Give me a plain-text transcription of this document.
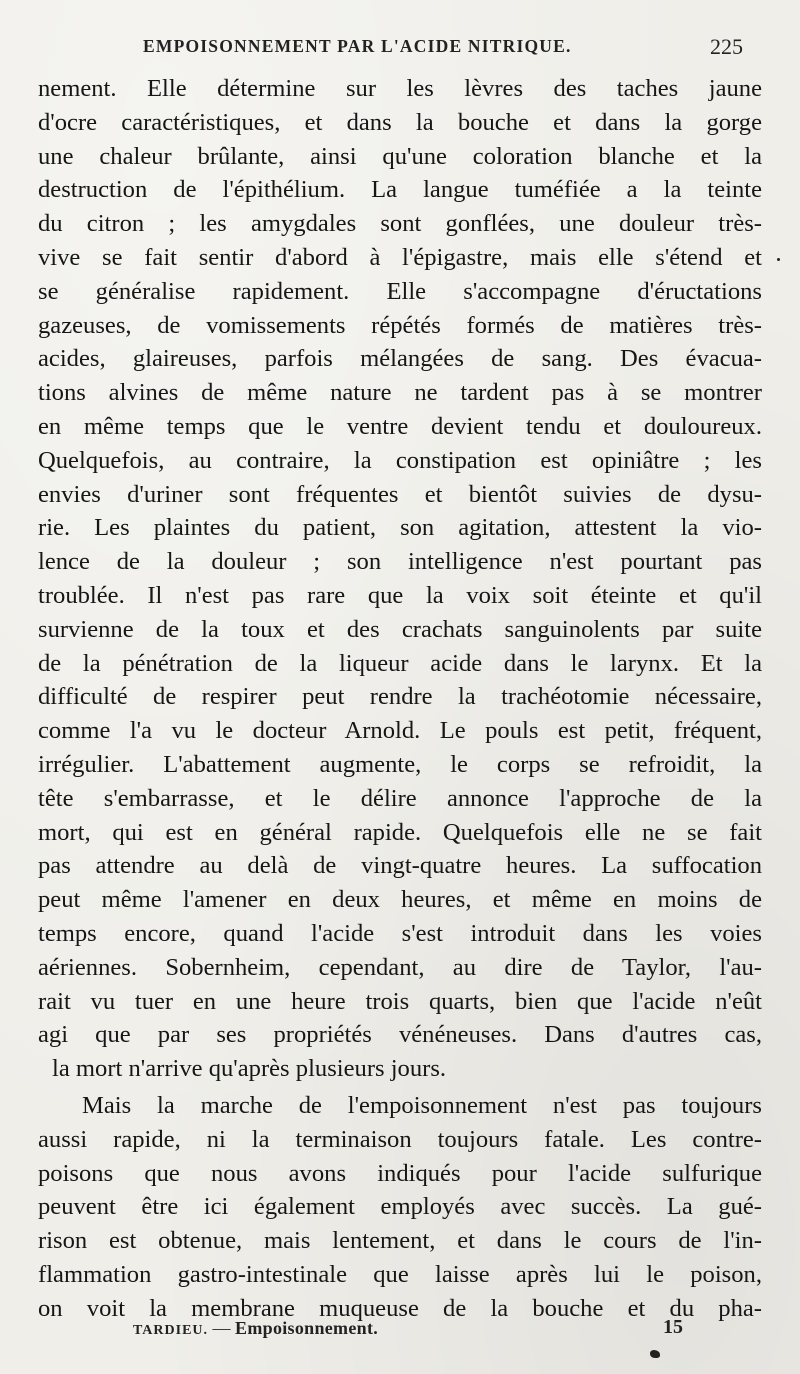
EMPOISONNEMENT PAR L'ACIDE NITRIQUE.	225
nement. Elle détermine sur les lèvres des taches jaune
d'ocre caractéristiques, et dans la bouche et dans la gorge
une chaleur brûlante, ainsi qu'une coloration blanche et la
destruction de l'épithélium. La langue tuméfiée a la teinte
du citron ; les amygdales sont gonflées, une douleur très-
vive se fait sentir d'abord à l'épigastre, mais elle s'étend et
se généralise rapidement. Elle s'accompagne d'éructations
gazeuses, de vomissements répétés formés de matières très-
acides, glaireuses, parfois mélangées de sang. Des évacua-
tions alvines de même nature ne tardent pas à se montrer
en même temps que le ventre devient tendu et douloureux.
Quelquefois, au contraire, la constipation est opiniâtre ; les
envies d'uriner sont fréquentes et bientôt suivies de dysu-
rie. Les plaintes du patient, son agitation, attestent la vio-
lence de la douleur ; son intelligence n'est pourtant pas
troublée. Il n'est pas rare que la voix soit éteinte et qu'il
survienne de la toux et des crachats sanguinolents par suite
de la pénétration de la liqueur acide dans le larynx. Et la
difficulté de respirer peut rendre la trachéotomie nécessaire,
comme l'a vu le docteur Arnold. Le pouls est petit, fréquent,
irrégulier. L'abattement augmente, le corps se refroidit, la
tête s'embarrasse, et le délire annonce l'approche de la
mort, qui est en général rapide. Quelquefois elle ne se fait
pas attendre au delà de vingt-quatre heures. La suffocation
peut même l'amener en deux heures, et même en moins de
temps encore, quand l'acide s'est introduit dans les voies
aériennes. Sobernheim, cependant, au dire de Taylor, l'au-
rait vu tuer en une heure trois quarts, bien que l'acide n'eût
agi que par ses propriétés vénéneuses. Dans d'autres cas,
la mort n'arrive qu'après plusieurs jours.
Mais la marche de l'empoisonnement n'est pas toujours
aussi rapide, ni la terminaison toujours fatale. Les contre-
poisons que nous avons indiqués pour l'acide sulfurique
peuvent être ici également employés avec succès. La gué-
rison est obtenue, mais lentement, et dans le cours de l'in-
flammation gastro-intestinale que laisse après lui le poison,
on voit la membrane muqueuse de la bouche et du pha-
TARDIEU. — Empoisonnement.	15
